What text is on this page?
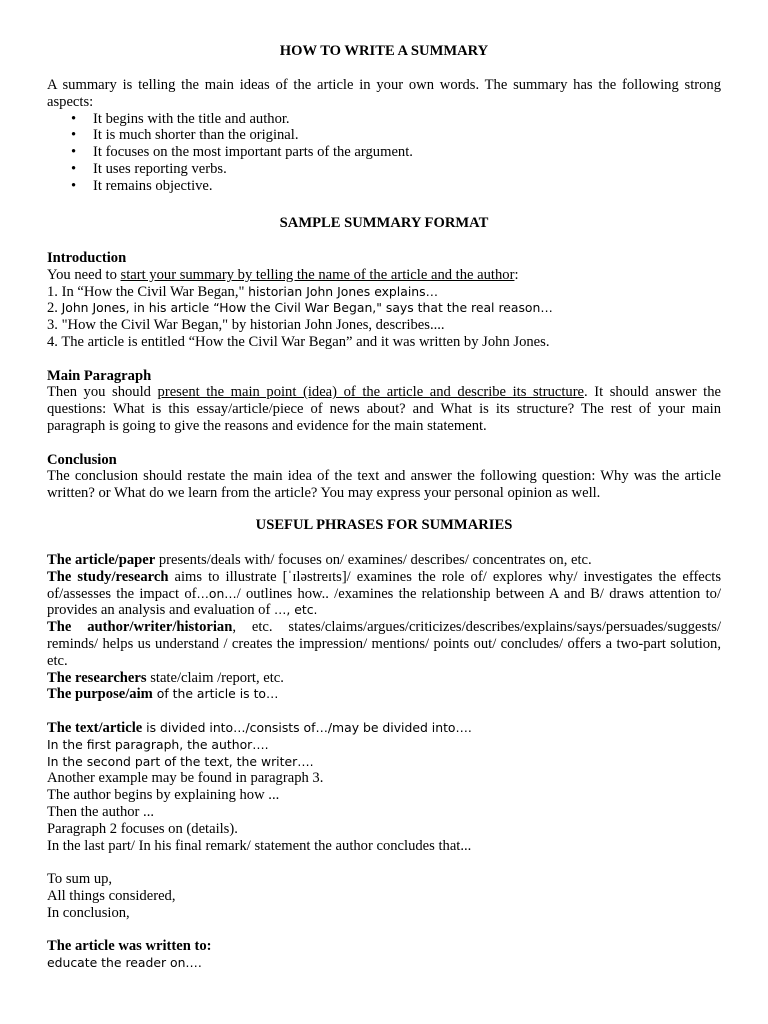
HOW TO WRITE A SUMMARY

A summary is telling the main ideas of the article in your own words. The summary has the following strong aspects:

• It begins with the title and author.
• It is much shorter than the original.
• It focuses on the most important parts of the argument.
• It uses reporting verbs.
• It remains objective.
SAMPLE SUMMARY FORMAT

Introduction

You need to start your summary by telling the name of the article and the author:

1. In “How the Civil War Began," historian John Jones explains…

2. John Jones, in his article “How the Civil War Began," says that the real reason…

3. "How the Civil War Began," by historian John Jones, describes....

4. The article is entitled “How the Civil War Began” and it was written by John Jones.

Main Paragraph

Then you should present the main point (idea) of the article and describe its structure. It should answer the questions: What is this essay/article/piece of news about? and What is its structure? The rest of your main paragraph is going to give the reasons and evidence for the main statement.

Conclusion

The conclusion should restate the main idea of the text and answer the following question: Why was the article written? or What do we learn from the article? You may express your personal opinion as well.

USEFUL PHRASES FOR SUMMARIES

The article/paper presents/deals with/ focuses on/ examines/ describes/ concentrates on, etc.

The study/research aims to illustrate [ˈɪləstreɪts]/ examines the role of/ explores why/ investigates the effects of/assesses the impact of…on…/ outlines how.. /examines the relationship between A and B/ draws attention to/ provides an analysis and evaluation of …, etc.

The author/writer/historian, etc. states/claims/argues/criticizes/describes/explains/says/persuades/suggests/ reminds/ helps us understand / creates the impression/ mentions/ points out/ concludes/ offers a two-part solution, etc.

The researchers state/claim /report, etc.

The purpose/aim of the article is to…

The text/article is divided into…/consists of…/may be divided into….

In the first paragraph, the author….

In the second part of the text, the writer….

Another example may be found in paragraph 3.

The author begins by explaining how ...

Then the author ...

Paragraph 2 focuses on (details).

In the last part/ In his final remark/ statement the author concludes that...

To sum up,

All things considered,

In conclusion,

The article was written to:

educate the reader on….
